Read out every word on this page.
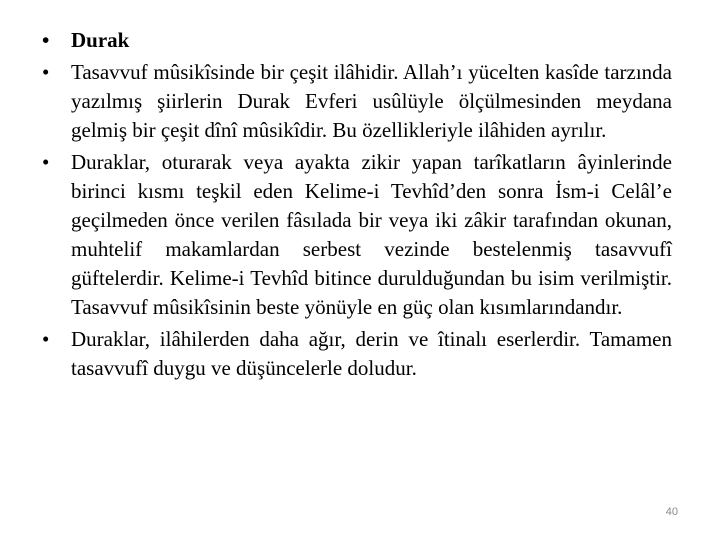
•	Durak
•	Tasavvuf mûsikîsinde bir çeşit ilâhidir. Allah’ı yücelten kasîde tarzında yazılmış şiirlerin Durak Evferi usûlüyle ölçülmesinden meydana gelmiş bir çeşit dînî mûsikîdir. Bu özellikleriyle ilâhiden ayrılır.
•	Duraklar, oturarak veya ayakta zikir yapan tarîkatların âyinlerinde birinci kısmı teşkil eden Kelime-i Tevhîd’den sonra İsm-i Celâl’e geçilmeden önce verilen fâsılada bir veya iki zâkir tarafından okunan, muhtelif makamlardan serbest vezinde bestelenmiş tasavvufî güftelerdir. Kelime-i Tevhîd bitince durulduğundan bu isim verilmiştir. Tasavvuf mûsikîsinin beste yönüyle en güç olan kısımlarındandır.
•	Duraklar, ilâhilerden daha ağır, derin ve îtinalı eserlerdir. Tamamen tasavvufî duygu ve düşüncelerle doludur.
40
